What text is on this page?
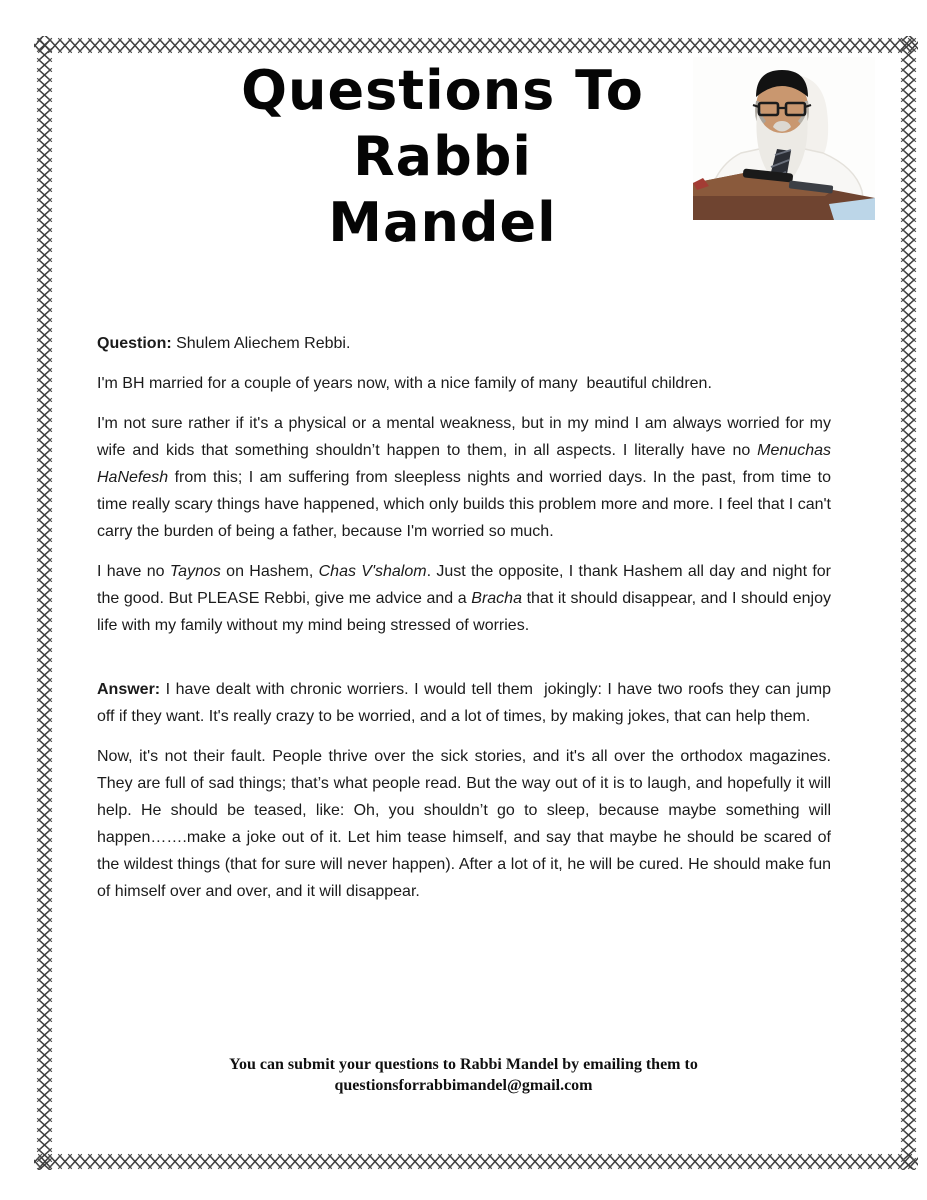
Questions To
Rabbi
Mandel

Question: Shulem Aliechem Rebbi.

I'm BH married for a couple of years now, with a nice family of many  beautiful children.

I'm not sure rather if it's a physical or a mental weakness, but in my mind I am always worried for my wife and kids that something shouldn’t happen to them, in all aspects. I literally have no Menuchas HaNefesh from this; I am suffering from sleepless nights and worried days. In the past, from time to time really scary things have happened, which only builds this problem more and more. I feel that I can't carry the burden of being a father, because I'm worried so much.

I have no Taynos on Hashem, Chas V'shalom. Just the opposite, I thank Hashem all day and night for the good. But PLEASE Rebbi, give me advice and a Bracha that it should disappear, and I should enjoy life with my family without my mind being stressed of worries.

Answer: I have dealt with chronic worriers. I would tell them  jokingly: I have two roofs they can jump off if they want. It's really crazy to be worried, and a lot of times, by making jokes, that can help them.

Now, it's not their fault. People thrive over the sick stories, and it's all over the orthodox magazines. They are full of sad things; that’s what people read. But the way out of it is to laugh, and hopefully it will help. He should be teased, like: Oh, you shouldn’t go to sleep, because maybe something will happen…….make a joke out of it. Let him tease himself, and say that maybe he should be scared of the wildest things (that for sure will never happen). After a lot of it, he will be cured. He should make fun of himself over and over, and it will disappear.

You can submit your questions to Rabbi Mandel by emailing them to
questionsforrabbimandel@gmail.com
